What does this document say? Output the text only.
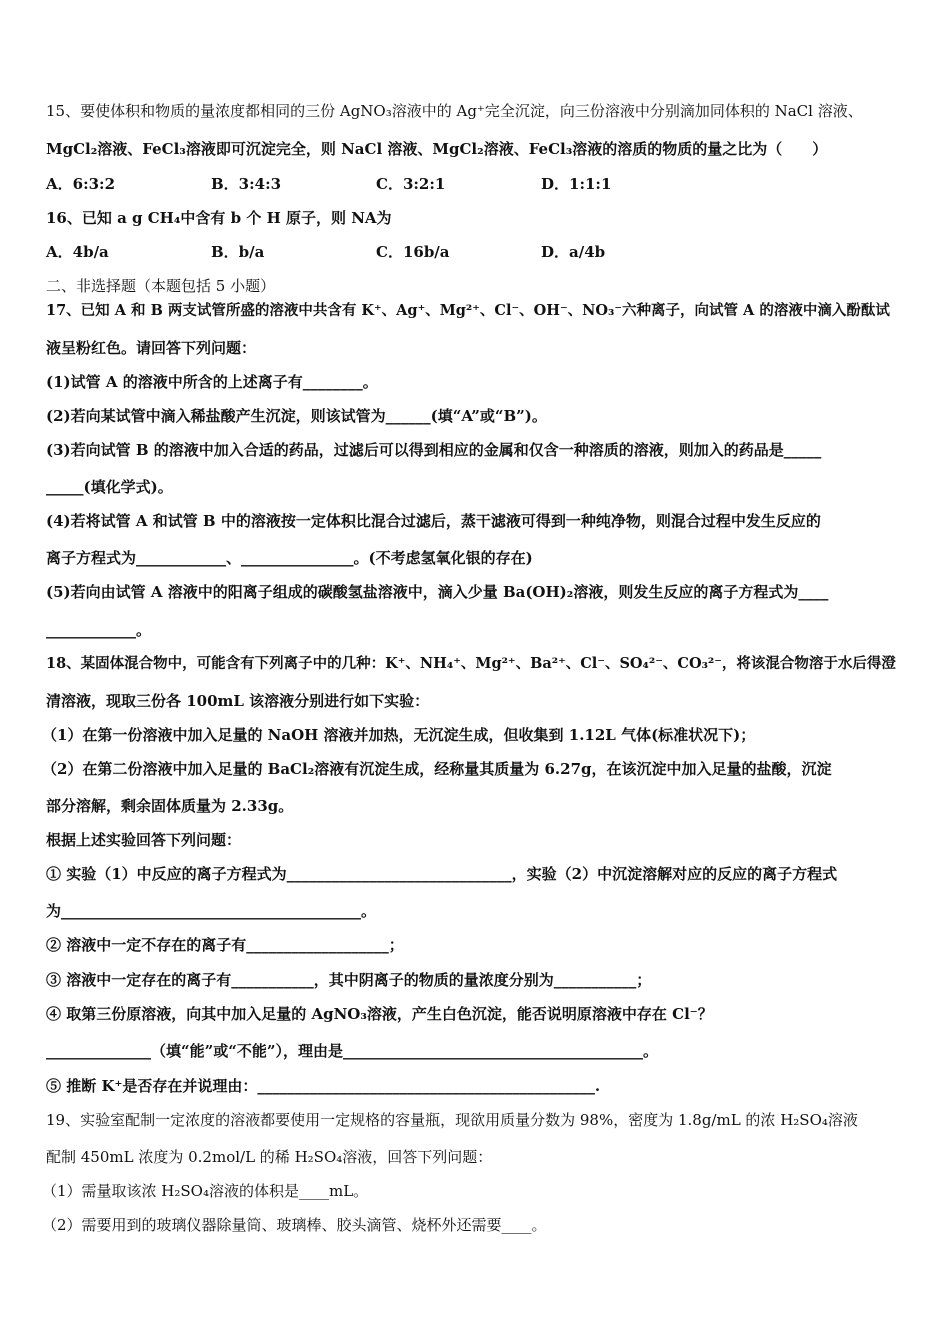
15、要使体积和物质的量浓度都相同的三份 AgNO₃溶液中的 Ag⁺完全沉淀，向三份溶液中分别滴加同体积的 NaCl 溶液、
MgCl₂溶液、FeCl₃溶液即可沉淀完全，则 NaCl 溶液、MgCl₂溶液、FeCl₃溶液的溶质的物质的量之比为（　　）
A．6:3:2	B．3:4:3	C．3:2:1	D．1:1:1
16、已知 a g CH₄中含有 b 个 H 原子，则 NA为
A．4b/a	B．b/a	C．16b/a	D．a/4b
二、非选择题（本题包括 5 小题）
17、已知 A 和 B 两支试管所盛的溶液中共含有 K⁺、Ag⁺、Mg²⁺、Cl⁻、OH⁻、NO₃⁻六种离子，向试管 A 的溶液中滴入酚酞试
液呈粉红色。请回答下列问题：
(1)试管 A 的溶液中所含的上述离子有________。
(2)若向某试管中滴入稀盐酸产生沉淀，则该试管为______(填“A”或“B”)。
(3)若向试管 B 的溶液中加入合适的药品，过滤后可以得到相应的金属和仅含一种溶质的溶液，则加入的药品是_____
_____(填化学式)。
(4)若将试管 A 和试管 B 中的溶液按一定体积比混合过滤后，蒸干滤液可得到一种纯净物，则混合过程中发生反应的
离子方程式为____________、_______________。(不考虑氢氧化银的存在)
(5)若向由试管 A 溶液中的阳离子组成的碳酸氢盐溶液中，滴入少量 Ba(OH)₂溶液，则发生反应的离子方程式为____
____________。
18、某固体混合物中，可能含有下列离子中的几种：K⁺、NH₄⁺、Mg²⁺、Ba²⁺、Cl⁻、SO₄²⁻、CO₃²⁻，将该混合物溶于水后得澄
清溶液，现取三份各 100mL 该溶液分别进行如下实验：
（1）在第一份溶液中加入足量的 NaOH 溶液并加热，无沉淀生成，但收集到 1.12L 气体(标准状况下)；
（2）在第二份溶液中加入足量的 BaCl₂溶液有沉淀生成，经称量其质量为 6.27g，在该沉淀中加入足量的盐酸，沉淀
部分溶解，剩余固体质量为 2.33g。
根据上述实验回答下列问题：
① 实验（1）中反应的离子方程式为______________________________，实验（2）中沉淀溶解对应的反应的离子方程式
为________________________________________。
② 溶液中一定不存在的离子有___________________；
③ 溶液中一定存在的离子有___________，其中阴离子的物质的量浓度分别为___________；
④ 取第三份原溶液，向其中加入足量的 AgNO₃溶液，产生白色沉淀，能否说明原溶液中存在 Cl⁻？
______________（填“能”或“不能”），理由是________________________________________。
⑤ 推断 K⁺是否存在并说理由：_____________________________________________.
19、实验室配制一定浓度的溶液都要使用一定规格的容量瓶，现欲用质量分数为 98%，密度为 1.8g/mL 的浓 H₂SO₄溶液
配制 450mL 浓度为 0.2mol/L 的稀 H₂SO₄溶液，回答下列问题：
（1）需量取该浓 H₂SO₄溶液的体积是____mL。
（2）需要用到的玻璃仪器除量筒、玻璃棒、胶头滴管、烧杯外还需要____。
